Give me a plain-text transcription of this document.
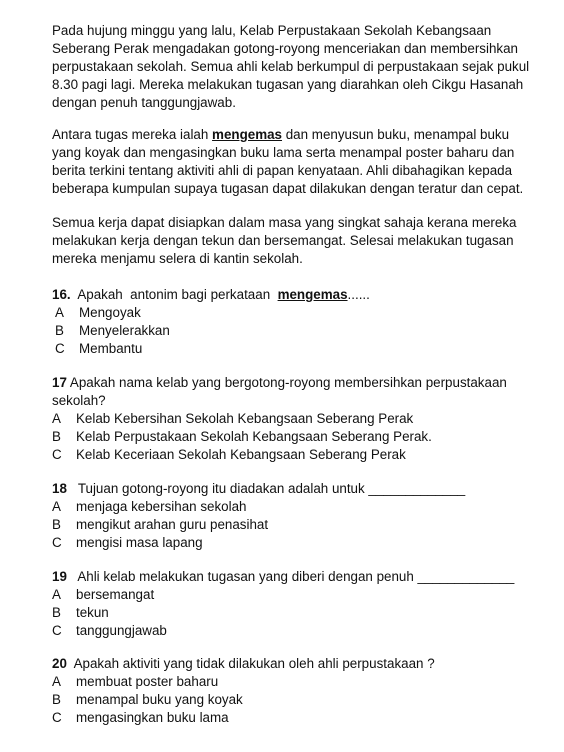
Pada hujung minggu yang lalu, Kelab Perpustakaan Sekolah Kebangsaan
Seberang Perak mengadakan gotong-royong menceriakan dan membersihkan
perpustakaan sekolah. Semua ahli kelab berkumpul di perpustakaan sejak pukul
8.30 pagi lagi. Mereka melakukan tugasan yang diarahkan oleh Cikgu Hasanah
dengan penuh tanggungjawab.

Antara tugas mereka ialah mengemas dan menyusun buku, menampal buku
yang koyak dan mengasingkan buku lama serta menampal poster baharu dan
berita terkini tentang aktiviti ahli di papan kenyataan. Ahli dibahagikan kepada
beberapa kumpulan supaya tugasan dapat dilakukan dengan teratur dan cepat.

Semua kerja dapat disiapkan dalam masa yang singkat sahaja kerana mereka
melakukan kerja dengan tekun dan bersemangat. Selesai melakukan tugasan
mereka menjamu selera di kantin sekolah.

16.  Apakah  antonim bagi perkataan  mengemas......
A	Mengoyak
B	Menyelerakkan
C	Membantu
17 Apakah nama kelab yang bergotong-royong membersihkan perpustakaan
sekolah?
A	Kelab Kebersihan Sekolah Kebangsaan Seberang Perak
B	Kelab Perpustakaan Sekolah Kebangsaan Seberang Perak.
C	Kelab Keceriaan Sekolah Kebangsaan Seberang Perak
18   Tujuan gotong-royong itu diadakan adalah untuk _____________
A	menjaga kebersihan sekolah
B	mengikut arahan guru penasihat
C	mengisi masa lapang
19   Ahli kelab melakukan tugasan yang diberi dengan penuh _____________
A	bersemangat
B	tekun
C	tanggungjawab
20  Apakah aktiviti yang tidak dilakukan oleh ahli perpustakaan ?
A	membuat poster baharu
B	menampal buku yang koyak
C	mengasingkan buku lama
